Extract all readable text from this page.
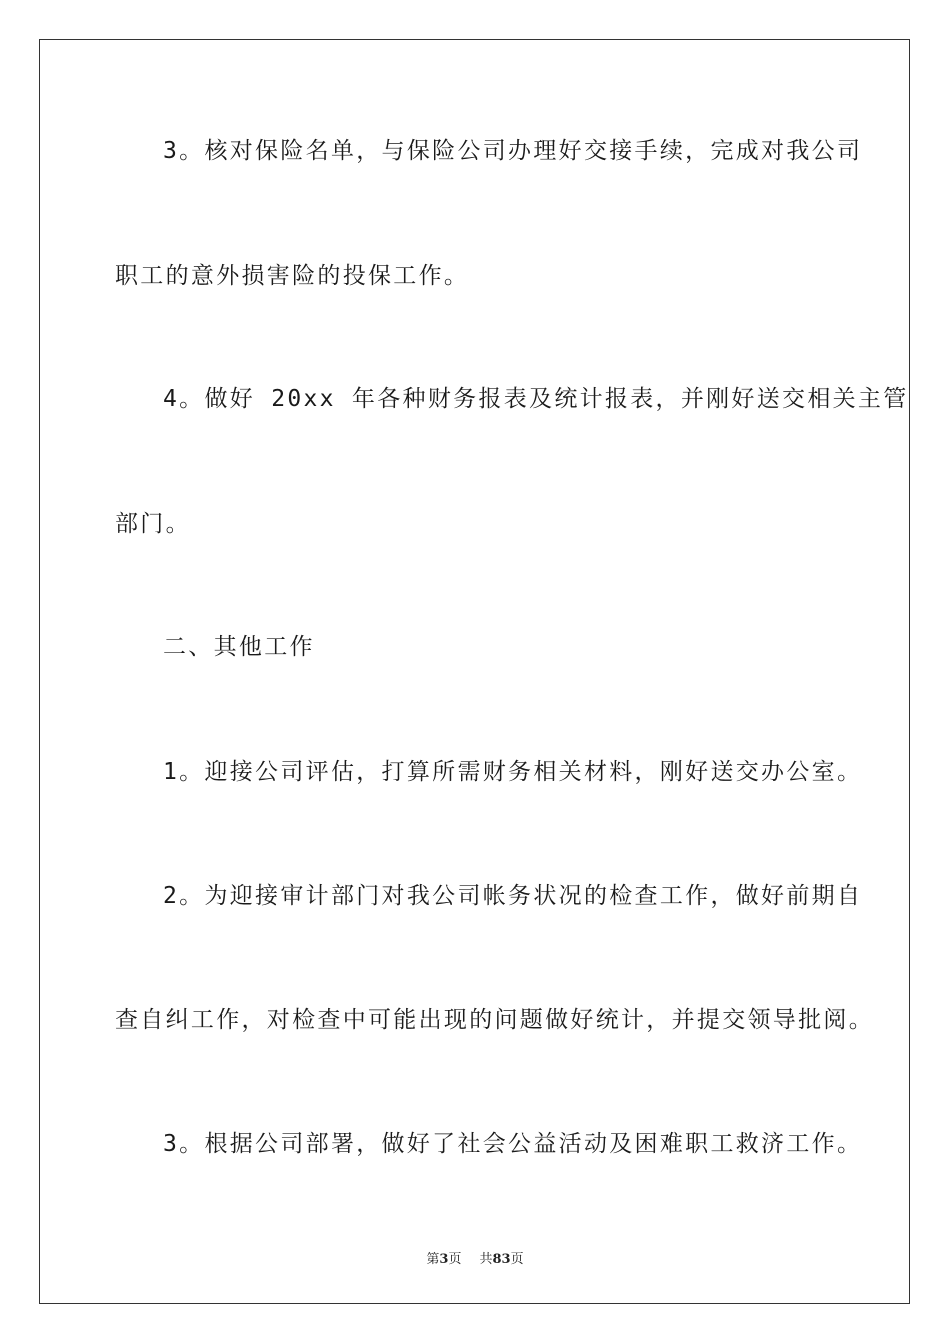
3。核对保险名单，与保险公司办理好交接手续，完成对我公司
职工的意外损害险的投保工作。
4。做好 20xx 年各种财务报表及统计报表，并刚好送交相关主管
部门。
二、其他工作
1。迎接公司评估，打算所需财务相关材料，刚好送交办公室。
2。为迎接审计部门对我公司帐务状况的检查工作，做好前期自
查自纠工作，对检查中可能出现的问题做好统计，并提交领导批阅。
3。根据公司部署，做好了社会公益活动及困难职工救济工作。
第3页 共83页
